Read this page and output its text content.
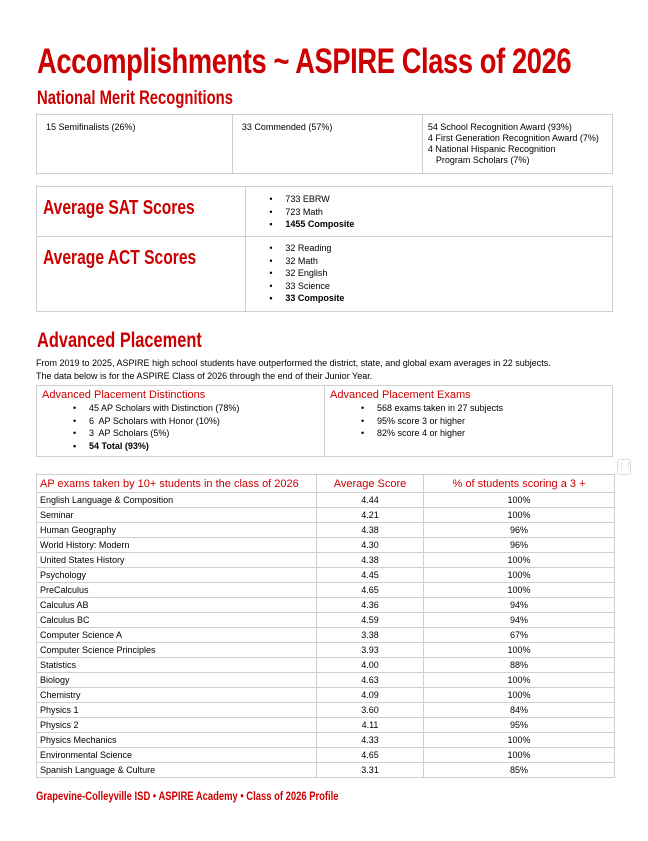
Accomplishments ~ ASPIRE Class of 2026
National Merit Recognitions
15 Semifinalists (26%)	33 Commended (57%)	54 School Recognition Award (93%)
4 First Generation Recognition Award (7%)
4 National Hispanic Recognition
Program Scholars (7%)
Average SAT Scores

•733 EBRW
• 723 Math
• 1455 Composite

Average ACT Scores

•32 Reading
• 32 Math
• 32 English
• 33 Science
• 33 Composite
Advanced Placement
From 2019 to 2025, ASPIRE high school students have outperformed the district, state, and global exam averages in 22 subjects.
The data below is for the ASPIRE Class of 2026 through the end of their Junior Year.
Advanced Placement Distinctions
• 45 AP Scholars with Distinction (78%)
• 6  AP Scholars with Honor (10%)
• 3  AP Scholars (5%)
• 54 Total (93%)

Advanced Placement Exams
• 568 exams taken in 27 subjects
• 95% score 3 or higher
• 82% score 4 or higher
⋮⋮
AP exams taken by 10+ students in the class of 2026	Average Score	% of students scoring a 3 +
English Language & Composition	4.44	100%
Seminar	4.21	100%
Human Geography	4.38	96%
World History: Modern	4.30	96%
United States History	4.38	100%
Psychology	4.45	100%
PreCalculus	4.65	100%
Calculus AB	4.36	94%
Calculus BC	4.59	94%
Computer Science A	3.38	67%
Computer Science Principles	3.93	100%
Statistics	4.00	88%
Biology	4.63	100%
Chemistry	4.09	100%
Physics 1	3.60	84%
Physics 2	4.11	95%
Physics Mechanics	4.33	100%
Environmental Science	4.65	100%
Spanish Language & Culture	3.31	85%
Grapevine-Colleyville ISD • ASPIRE Academy • Class of 2026 Profile
